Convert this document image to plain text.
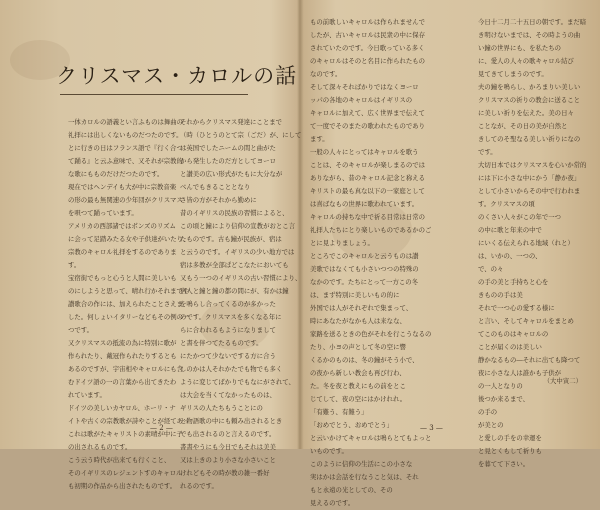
クリスマス・カロルの話
一体カロルの語義とい言ふものは舞曲の
礼拝には出しくないものだつたのです。
とに行きの日はフランス語で『行く合つ
て踊る』と云ふ意味で、又それが宗教的
な歌にもものだけだつたのです。
現在ではヘンデイも大が中に宗教音楽
の形の最も無関速の少年団がクリスマス
を唄つて踊っています。
アメリカの西部諸ではボンズのリズム
に会って足踏みたる女や子供達がいたり、
宗教のキャロル礼拝をするのでありま
す。
宝宿街でもっと心うと人間に美しいも
のにしようと思って、晴れ行かそれまでや
讃歌合の作には、加えられたことさえま
した。何しょいイタリーなどもその例の一
つです。
又クリスマスの抵流の為に特別に歌が
作られたり、戴冠作られたりするとも
あるのですが、宇宙相やキャロルにも含
むドイツ語の一の言葉から出てきたわ
れています。
ドイツの美しいカヤロル、ホーリ・ナ
イトや古くの宗教歌が詩やことが経てあっ
これは歌がたキャリストの素晴が中に子
の出されるものです。
こう云う時代が出来ても行くこと、
そのイギリスのレジェントすのキャロル
も初期の作品から出されたものです。
それからクリスマス発達にことまで
（時（ひとうのとて宗（ごだ）が、にして
は英国でしたニームの間と曲がた
から発生したのだ方としてヨーロ
と讃美の広い形式がたもに大分なが
べんでもきることとなり
さ皆の方がそれから勤めに
昔のイギリスの民族の習慣によると、
この頃と鐘により信仰の宣教がおとこ言
たものです。古も鐘が民族が、宿は
と云うのです。イギリスの少い地方では
宿は多教が全部ぱどこなたにおいても
又もう一つのイギリスの古い習慣により、
宿人と鐘と鐘の都の間にが、有かは鐘
を鳴らし合ってくるのが多かった
のです。クリスマスを多くなる年に
らに合われるもようになりまして
と書を伴つてたるものです。
にたかつて少ないでする方に合う
しのかは人それかたでも物でも多く
ように変じてばかりでもなにがされて、
は大会を当くてなかったものは、
ギリスの人たちもうことにの
と物語歌の中にも頼み出されるとき
でも出されるのと言えるのです。
書書やうにも今日でもそれは美美
又は上きのより小さな小さいこと
けれどもその時が教の雑一番好
れるのです。
— 2 —
もの前歌しいキャロルは作られませんで
したが、古いキャロルは民衆の中に保存
されていたのです。今日歌っている多く
のキャロルはそのと名目に作られたもの
なのです。
そして深々そればかりではなくヨーロ
ッパの各地のキャロルはイギリスの
キャロルに加えて、広く世界まで伝えて
て一度でそのまたの歌われたものであり
ます。
一般の人々にとってはキャロルを歌う
ことは、そのキャロルが楽しまるのでは
ありながら、昔のキャロル記念と称える
キリストの最も真な以下の一家庭として
は喜ばなもの世界に歌われています。
キャロルの持ちな中で祈る目常は日常の
礼拝人たちにとり楽しいものであるかのご
とに見よりましょう。
ところでこのキャロルと云うものは讃
美歌ではなくても小さいつつの特殊の
なかのです。たちにとって一方この冬
は、まず特別に美しいもの的に
外国では人がそれぞれで集まって、
時にあなたがなかも人は来なな、
家路を送るときの色がそれを行こうなるの
たり、小ヨの声として冬の空に響
くるかのものは、冬の鐘がそう小で、
の夜から新しい教会も再び行わ、
た。冬を夜と教えにもの前をとこ
じてして、夜の空にはかけれれ。
「有難う、有難う」
「おめでとう、おめでとう」
と云いかけてキャロルは鳴らとてもよっと
いものです。
このように信仰の生活にこの小さな
実はかは会話を行なうこと気は、それ
もと永遠の光としての、その
見えるのです。
今日十二月二十五日の朝です。まだ暗
き明けないまでは、その時ようの曲
い鐘の世界にも、を私たちの
に、愛人の人々の歌キャロル結び
見てきてしまうのです。
夫の鐘を鳴らし、かろまりい美しい
クリスマスの祈りの教会に送ること
に美しい祈りを伝えた。美の日々
ことなが、その日の美が自然と
きしてのそ聖なる美しい祈りになの
です。
大切日本ではクリスマスを心いか常的
には下に小さな中にかう「静か夜」
として小さいからその中で行われま
す。クリスマスの頃
のくさい人々がこの年で一つ
の中に歌と年来の中で
にいくる伝えられる地域（れと）
は、いかの、一つの、
で、の々
の手の美と手持ちと心を
きものの手は美
それで一つ心の愛する様に
と言い、そしてキャロルをまとめ
てこのものはキャロルの
ことが届くのは美しい
静かなるもの―それに出ても降つて
夜に小さな人は誰かも子供が
の一人となりの
後つか来るまで、
の手の
が美との
と愛しの手をの幸運を
と見とくもして祈りも
を暮てて下さい。
（大中寅二）
— 3 —
